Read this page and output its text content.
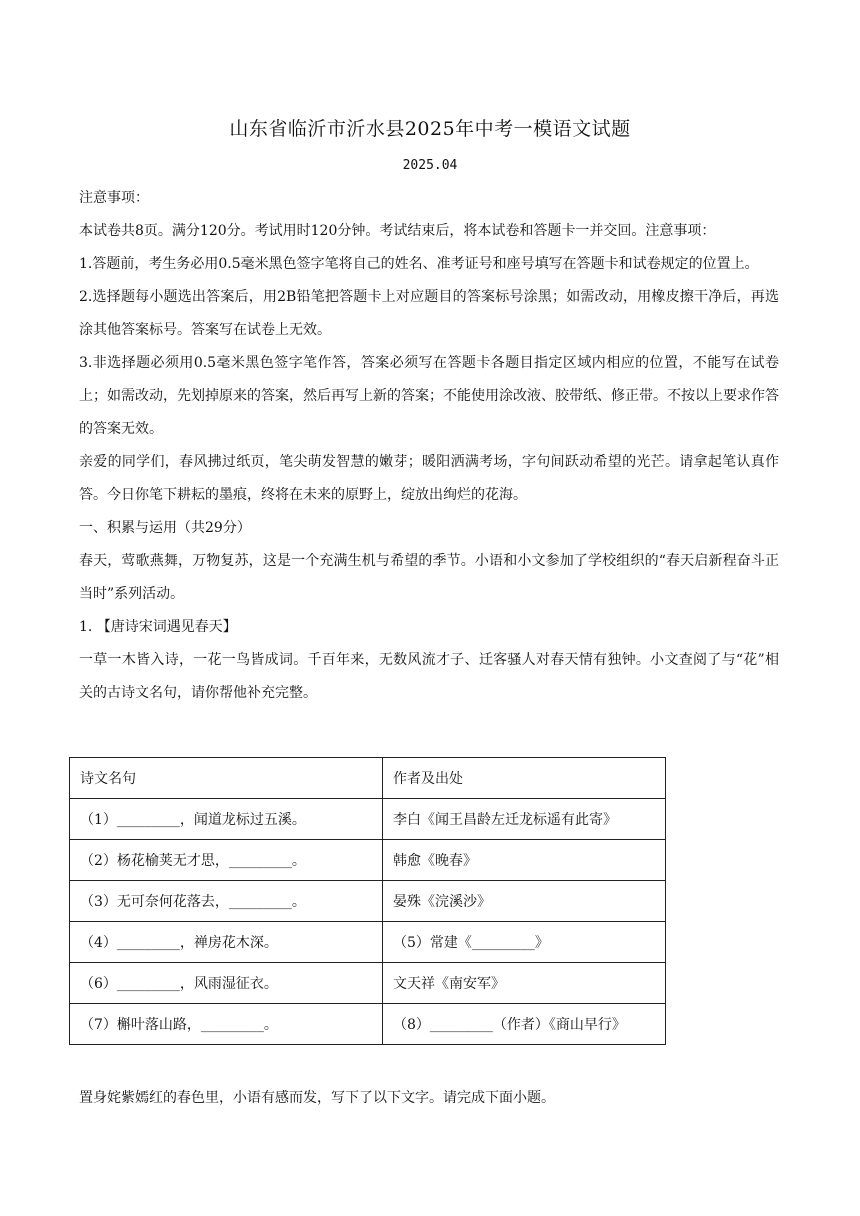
山东省临沂市沂水县2025年中考一模语文试题
2025.04

注意事项：

本试卷共8页。满分120分。考试用时120分钟。考试结束后，将本试卷和答题卡一并交回。注意事项：

1.答题前，考生务必用0.5毫米黑色签字笔将自己的姓名、准考证号和座号填写在答题卡和试卷规定的位置上。

2.选择题每小题选出答案后，用2B铅笔把答题卡上对应题目的答案标号涂黑；如需改动，用橡皮擦干净后，再选涂其他答案标号。答案写在试卷上无效。

3.非选择题必须用0.5毫米黑色签字笔作答，答案必须写在答题卡各题目指定区域内相应的位置，不能写在试卷上；如需改动，先划掉原来的答案，然后再写上新的答案；不能使用涂改液、胶带纸、修正带。不按以上要求作答的答案无效。

亲爱的同学们，春风拂过纸页，笔尖萌发智慧的嫩芽；暖阳洒满考场，字句间跃动希望的光芒。请拿起笔认真作答。今日你笔下耕耘的墨痕，终将在未来的原野上，绽放出绚烂的花海。

一、积累与运用（共29分）

春天，莺歌燕舞，万物复苏，这是一个充满生机与希望的季节。小语和小文参加了学校组织的“春天启新程奋斗正当时”系列活动。

1. 【唐诗宋词遇见春天】

一草一木皆入诗，一花一鸟皆成词。千百年来，无数风流才子、迁客骚人对春天情有独钟。小文查阅了与“花”相关的古诗文名句，请你帮他补充完整。

诗文名句	作者及出处
（1）_________，闻道龙标过五溪。	李白《闻王昌龄左迁龙标遥有此寄》
（2）杨花榆荚无才思，_________。	韩愈《晚春》
（3）无可奈何花落去，_________。	晏殊《浣溪沙》
（4）_________，禅房花木深。	（5）常建《_________》
（6）_________，风雨湿征衣。	文天祥《南安军》
（7）槲叶落山路，_________。	（8）_________（作者）《商山早行》

置身姹紫嫣红的春色里，小语有感而发，写下了以下文字。请完成下面小题。
